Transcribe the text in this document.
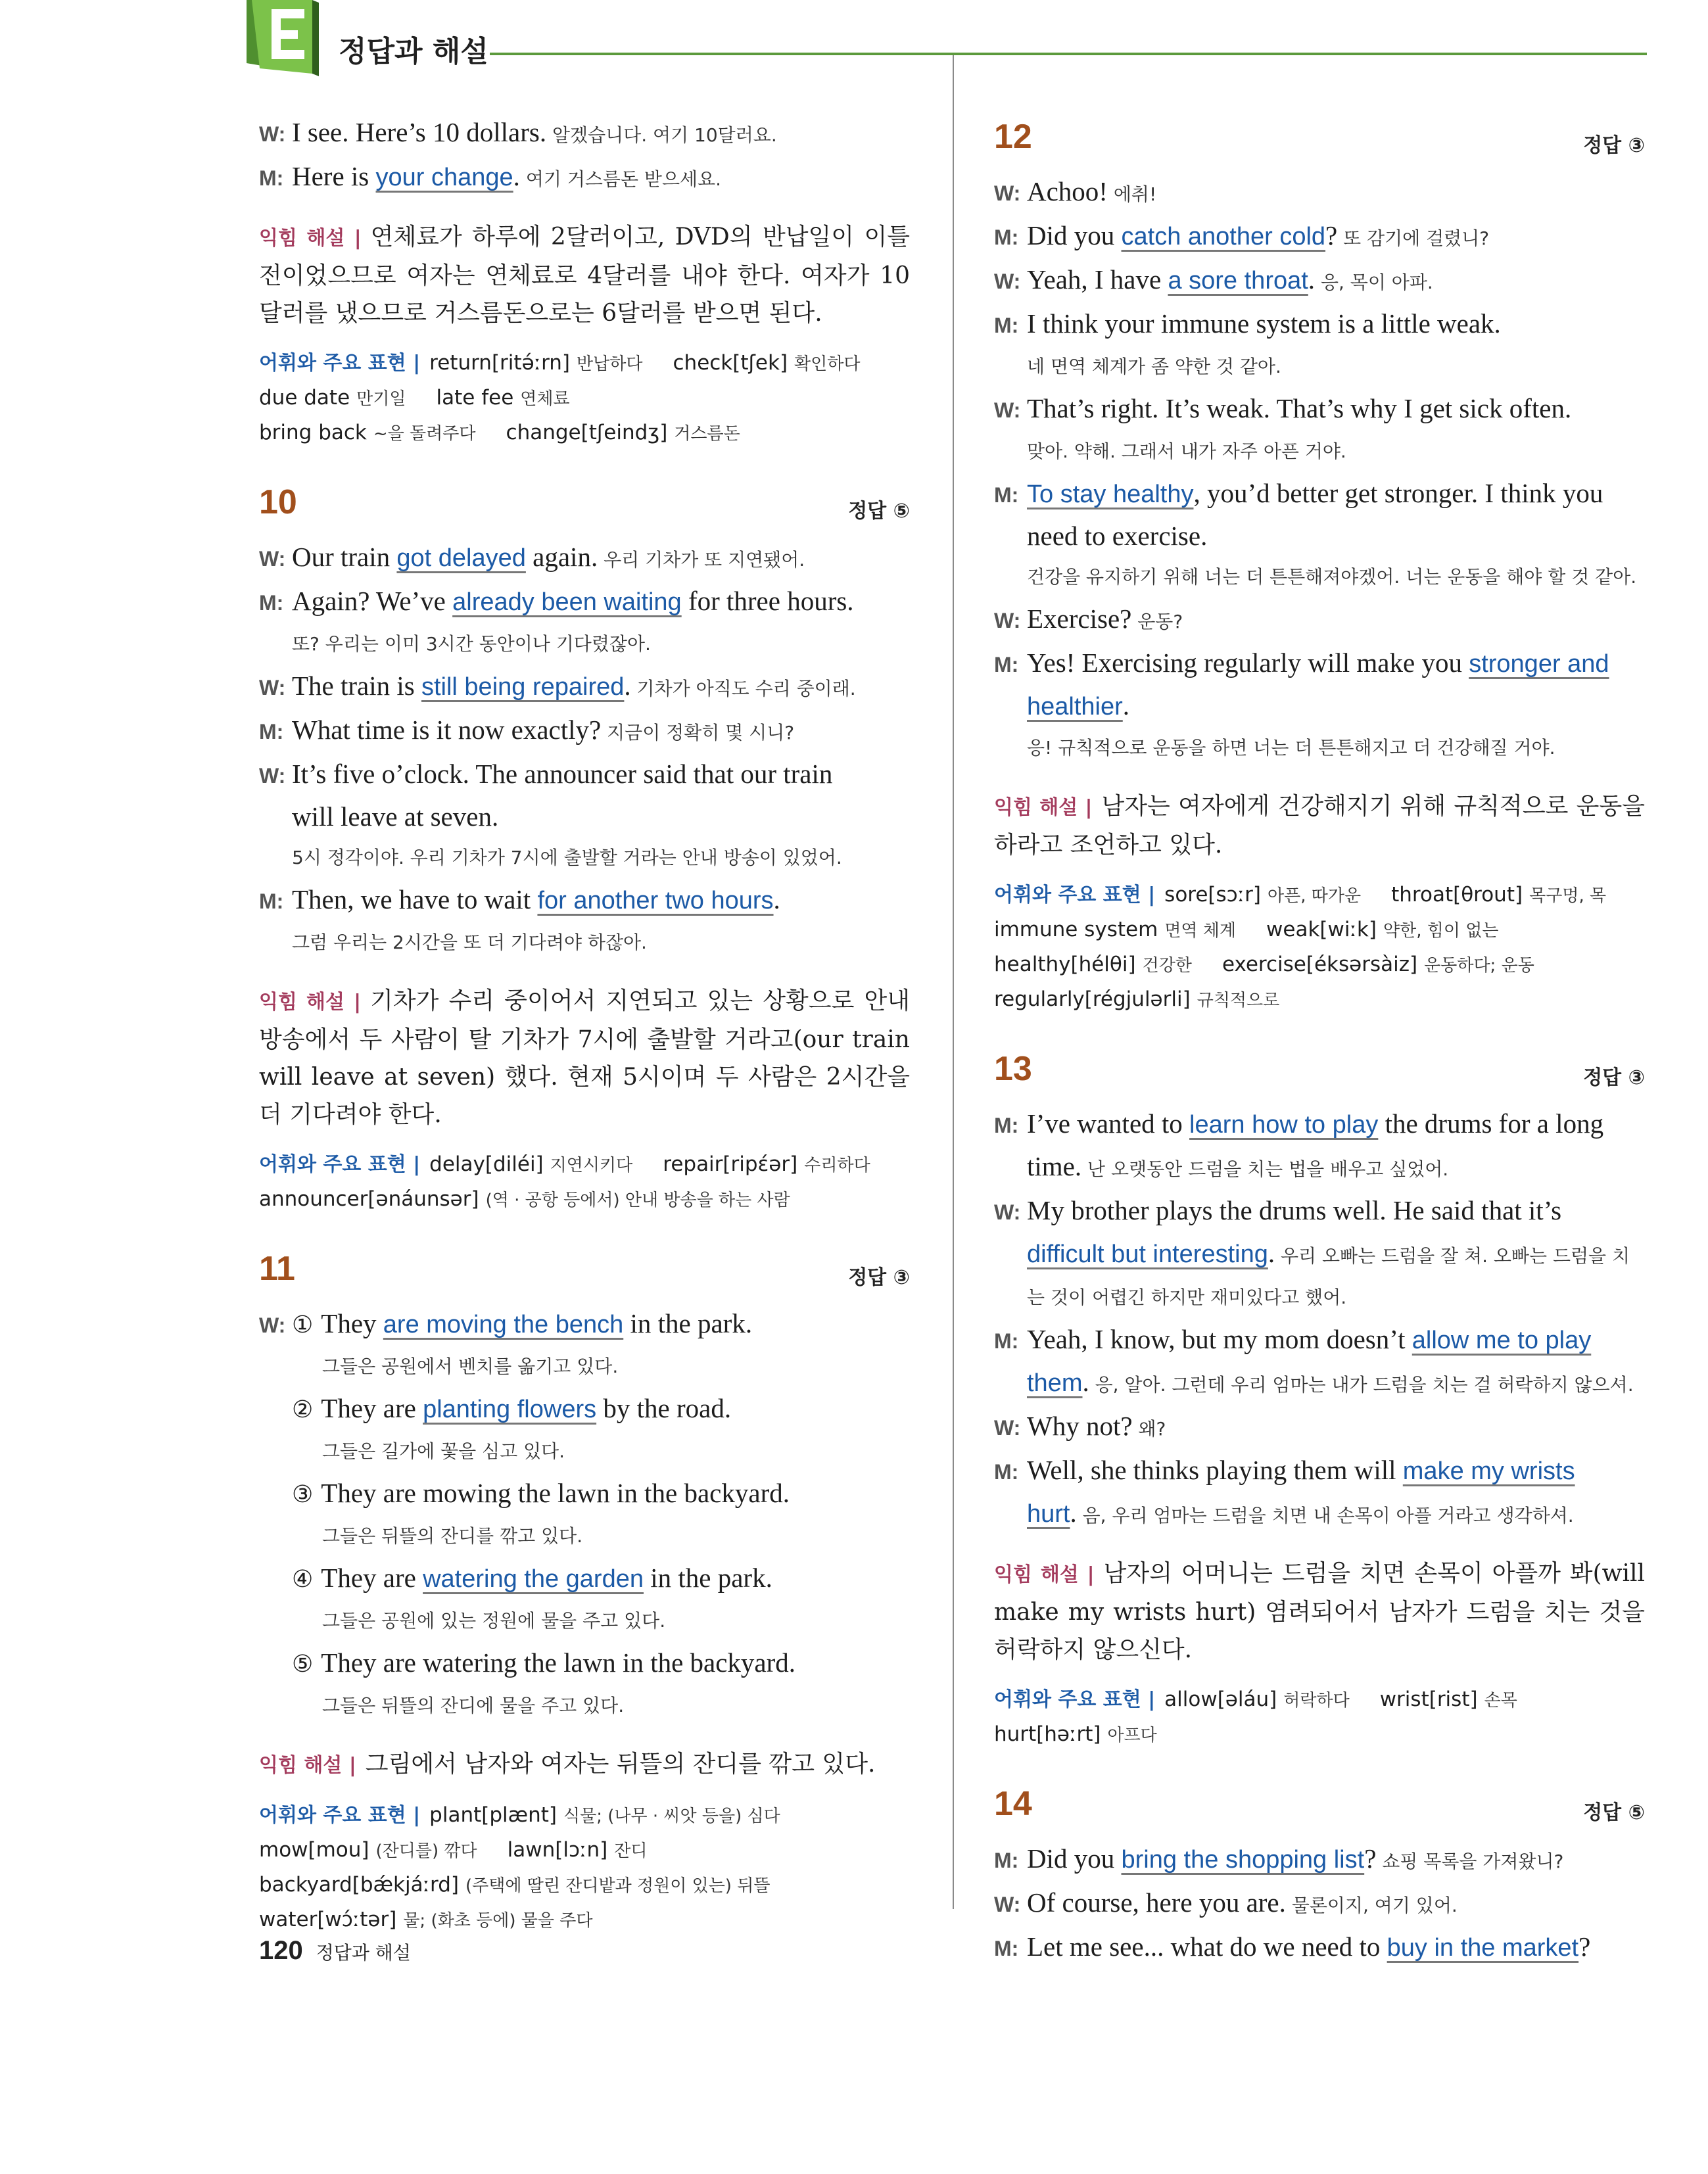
정답과 해설
W: I see. Here’s 10 dollars. 알겠습니다. 여기 10달러요.
M: Here is your change. 여기 거스름돈 받으세요.
익힘 해설 | 연체료가 하루에 2달러이고, DVD의 반납일이 이틀 전이었으므로 여자는 연체료로 4달러를 내야 한다. 여자가 10달러를 냈으므로 거스름돈으로는 6달러를 받으면 된다.
어휘와 주요 표현 | return[ritə́ːrn] 반납하다 check[tʃek] 확인하다
due date 만기일 late fee 연체료
bring back ~을 돌려주다 change[tʃeindʒ] 거스름돈
10	정답 ⑤
W: Our train got delayed again. 우리 기차가 또 지연됐어.
M: Again? We’ve already been waiting for three hours.
또? 우리는 이미 3시간 동안이나 기다렸잖아.
W: The train is still being repaired. 기차가 아직도 수리 중이래.
M: What time is it now exactly? 지금이 정확히 몇 시니?
W: It’s five o’clock. The announcer said that our train
will leave at seven.
5시 정각이야. 우리 기차가 7시에 출발할 거라는 안내 방송이 있었어.
M: Then, we have to wait for another two hours.
그럼 우리는 2시간을 또 더 기다려야 하잖아.
익힘 해설 | 기차가 수리 중이어서 지연되고 있는 상황으로 안내 방송에서 두 사람이 탈 기차가 7시에 출발할 거라고(our train will leave at seven) 했다. 현재 5시이며 두 사람은 2시간을 더 기다려야 한다.
어휘와 주요 표현 | delay[diléi] 지연시키다 repair[ripέər] 수리하다
announcer[ənáunsər] (역 · 공항 등에서) 안내 방송을 하는 사람
11	정답 ③
W: ① They are moving the bench in the park.
그들은 공원에서 벤치를 옮기고 있다.
② They are planting flowers by the road.
그들은 길가에 꽃을 심고 있다.
③ They are mowing the lawn in the backyard.
그들은 뒤뜰의 잔디를 깎고 있다.
④ They are watering the garden in the park.
그들은 공원에 있는 정원에 물을 주고 있다.
⑤ They are watering the lawn in the backyard.
그들은 뒤뜰의 잔디에 물을 주고 있다.
익힘 해설 | 그림에서 남자와 여자는 뒤뜰의 잔디를 깎고 있다.
어휘와 주요 표현 | plant[plænt] 식물; (나무 · 씨앗 등을) 심다
mow[mou] (잔디를) 깎다 lawn[lɔːn] 잔디
backyard[bǽkjáːrd] (주택에 딸린 잔디밭과 정원이 있는) 뒤뜰
water[wɔ́ːtər] 물; (화초 등에) 물을 주다
12	정답 ③
W: Achoo! 에취!
M: Did you catch another cold? 또 감기에 걸렸니?
W: Yeah, I have a sore throat. 응, 목이 아파.
M: I think your immune system is a little weak.
네 면역 체계가 좀 약한 것 같아.
W: That’s right. It’s weak. That’s why I get sick often.
맞아. 약해. 그래서 내가 자주 아픈 거야.
M: To stay healthy, you’d better get stronger. I think you
need to exercise.
건강을 유지하기 위해 너는 더 튼튼해져야겠어. 너는 운동을 해야 할 것 같아.
W: Exercise? 운동?
M: Yes! Exercising regularly will make you stronger and
healthier.
응! 규칙적으로 운동을 하면 너는 더 튼튼해지고 더 건강해질 거야.
익힘 해설 | 남자는 여자에게 건강해지기 위해 규칙적으로 운동을 하라고 조언하고 있다.
어휘와 주요 표현 | sore[sɔːr] 아픈, 따가운 throat[θrout] 목구멍, 목
immune system 면역 체계 weak[wiːk] 약한, 힘이 없는
healthy[hélθi] 건강한 exercise[éksərsàiz] 운동하다; 운동
regularly[régjulərli] 규칙적으로
13	정답 ③
M: I’ve wanted to learn how to play the drums for a long
time. 난 오랫동안 드럼을 치는 법을 배우고 싶었어.
W: My brother plays the drums well. He said that it’s
difficult but interesting. 우리 오빠는 드럼을 잘 쳐. 오빠는 드럼을 치
는 것이 어렵긴 하지만 재미있다고 했어.
M: Yeah, I know, but my mom doesn’t allow me to play
them. 응, 알아. 그런데 우리 엄마는 내가 드럼을 치는 걸 허락하지 않으셔.
W: Why not? 왜?
M: Well, she thinks playing them will make my wrists
hurt. 음, 우리 엄마는 드럼을 치면 내 손목이 아플 거라고 생각하셔.
익힘 해설 | 남자의 어머니는 드럼을 치면 손목이 아플까 봐(will make my wrists hurt) 염려되어서 남자가 드럼을 치는 것을 허락하지 않으신다.
어휘와 주요 표현 | allow[əláu] 허락하다 wrist[rist] 손목
hurt[həːrt] 아프다
14	정답 ⑤
M: Did you bring the shopping list? 쇼핑 목록을 가져왔니?
W: Of course, here you are. 물론이지, 여기 있어.
M: Let me see... what do we need to buy in the market?
120 정답과 해설
